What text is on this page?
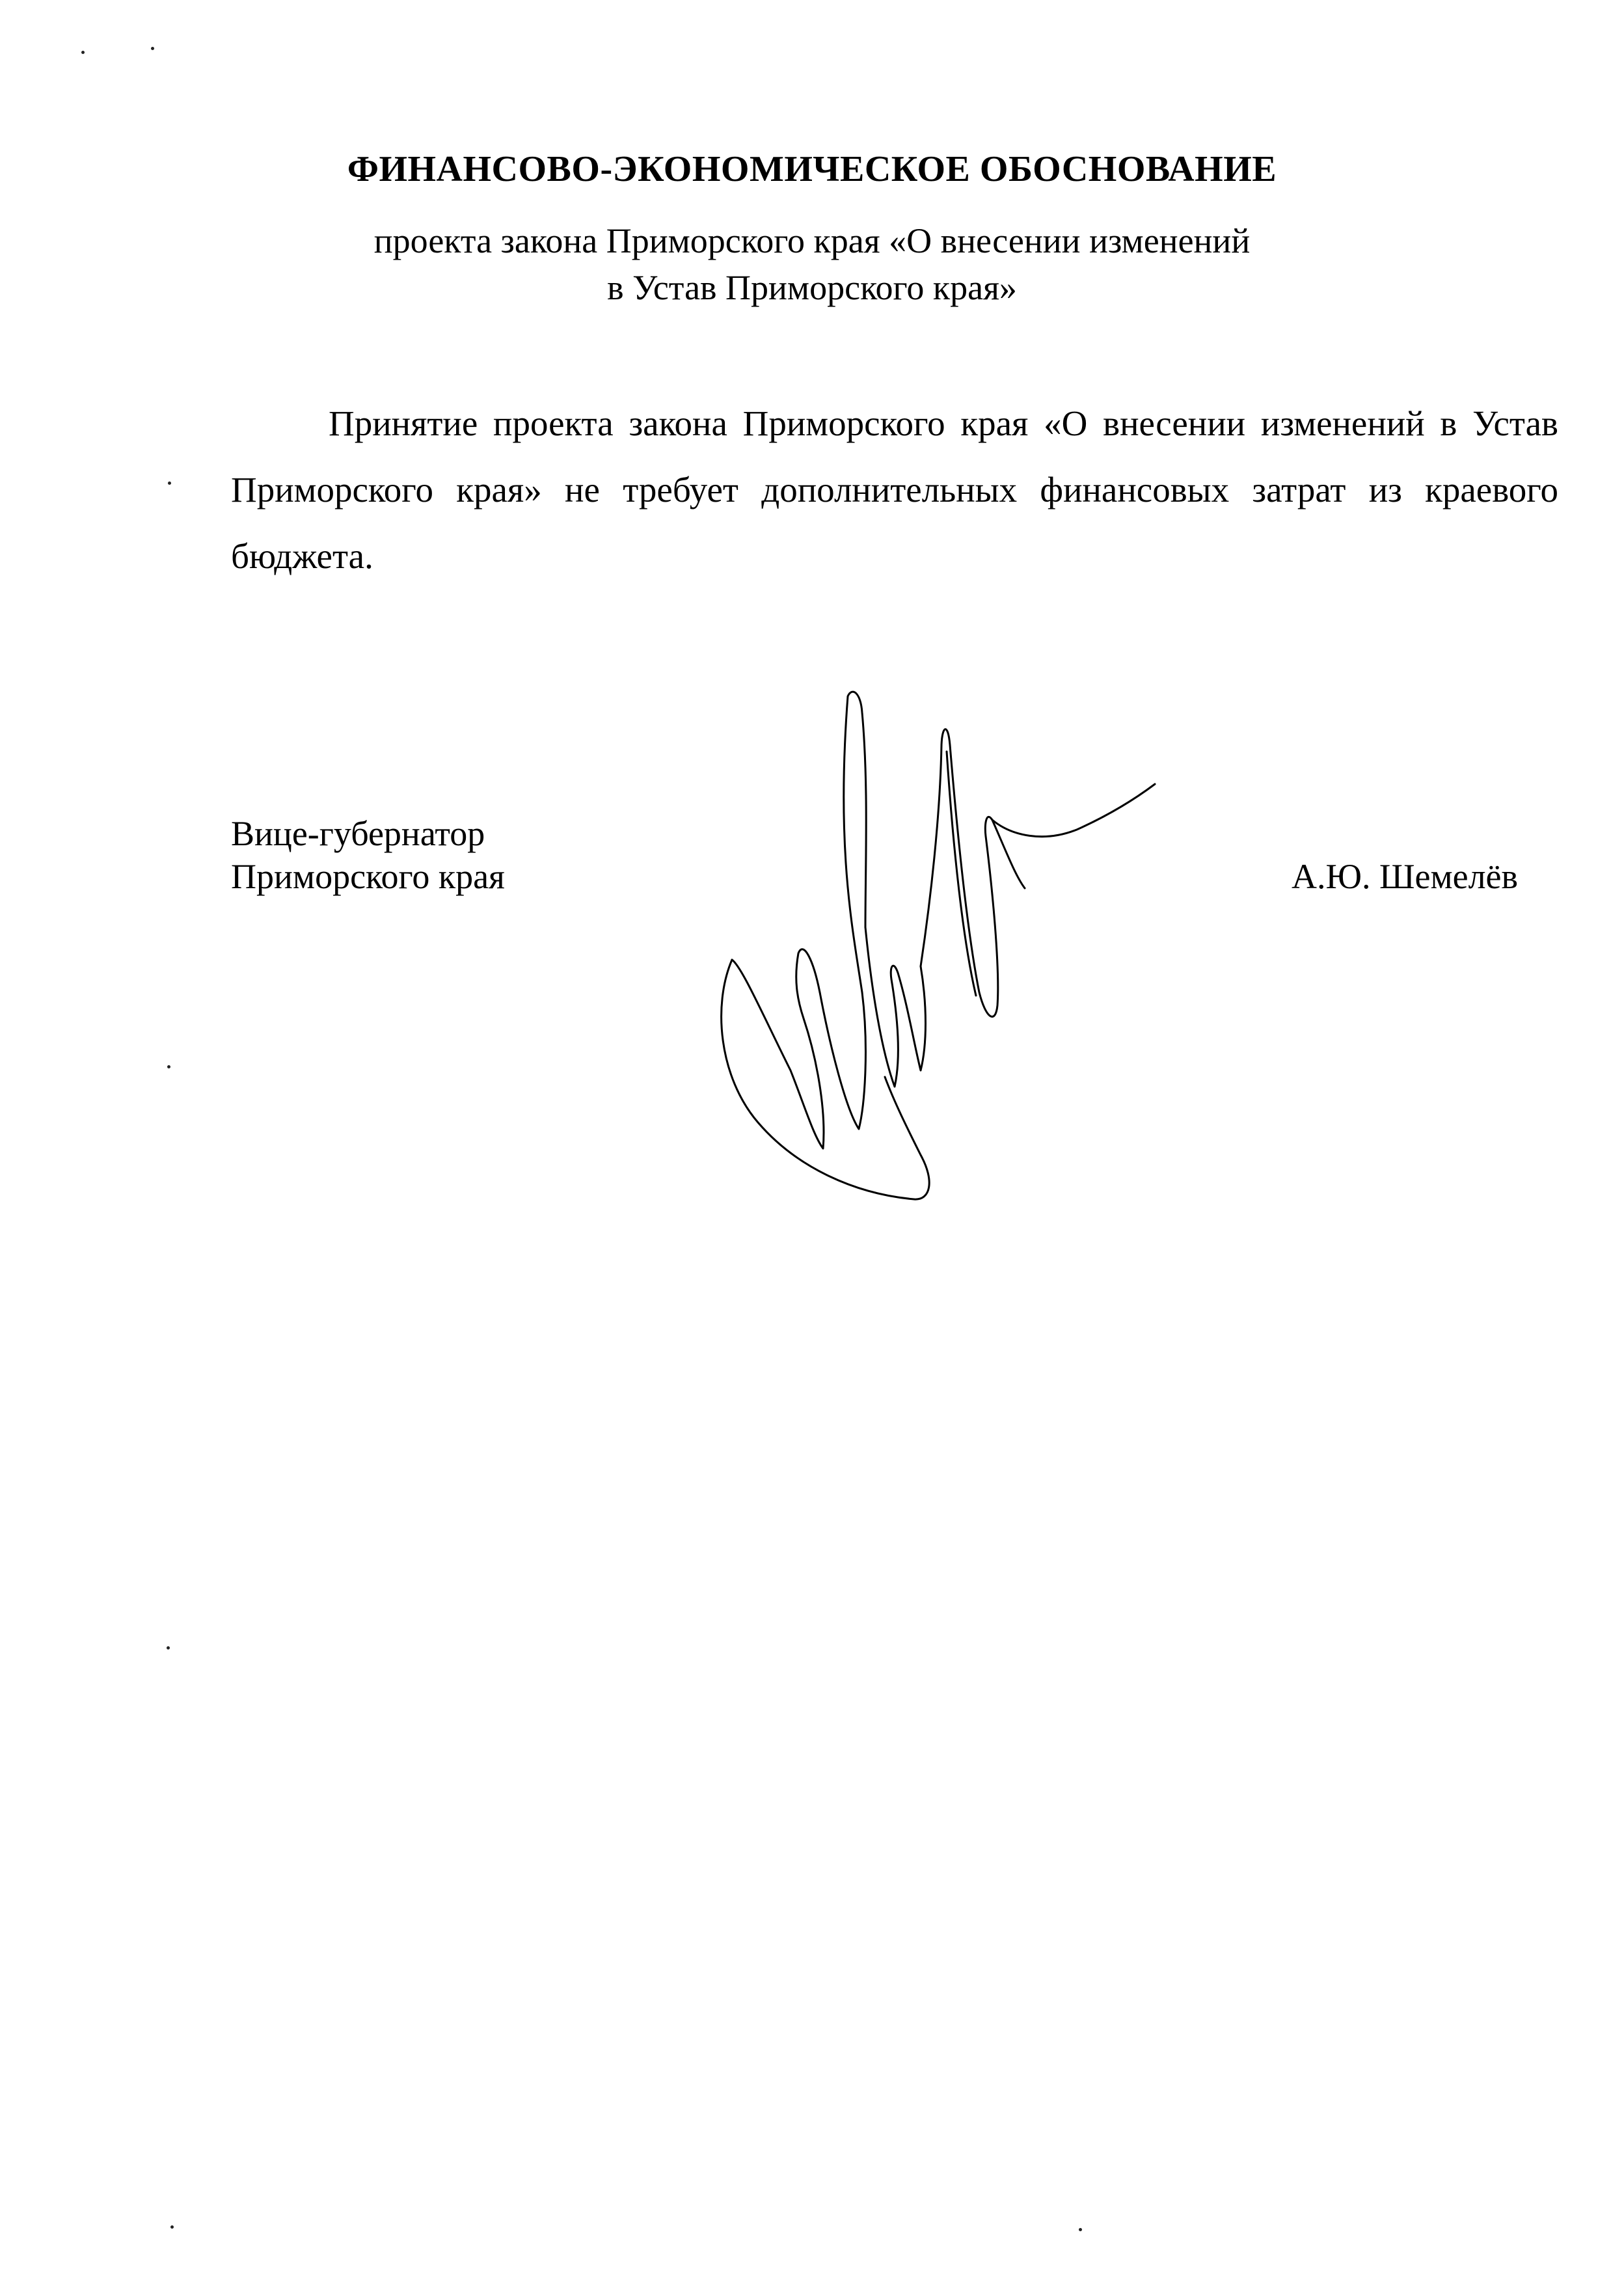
ФИНАНСОВО-ЭКОНОМИЧЕСКОЕ ОБОСНОВАНИЕ
проекта закона Приморского края «О внесении изменений
в Устав Приморского края»

Принятие проекта закона Приморского края «О внесении изменений в Устав Приморского края» не требует дополнительных финансовых затрат из краевого бюджета.

Вице-губернатор
Приморского края	А.Ю. Шемелёв
